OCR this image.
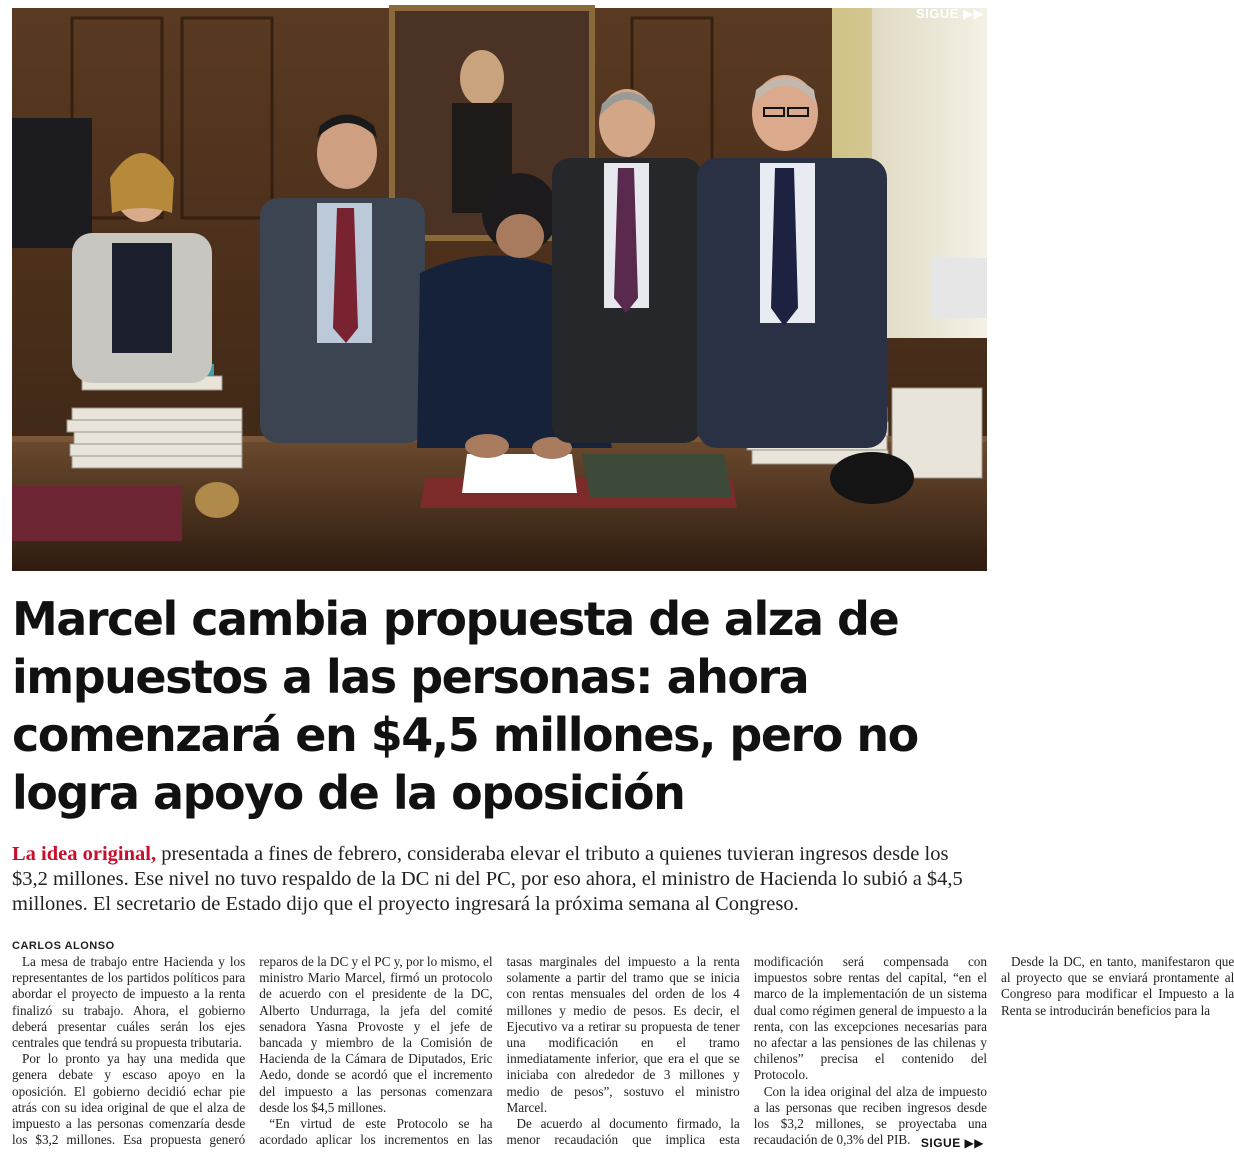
SIGUE ▶▶
Marcel cambia propuesta de alza de impuestos a las personas: ahora comenzará en $4,5 millones, pero no logra apoyo de la oposición

La idea original, presentada a fines de febrero, consideraba elevar el tributo a quienes tuvieran ingresos desde los $3,2 millones. Ese nivel no tuvo respaldo de la DC ni del PC, por eso ahora, el ministro de Hacienda lo subió a $4,5 millones. El secretario de Estado dijo que el proyecto ingresará la próxima semana al Congreso.

CARLOS ALONSO

La mesa de trabajo entre Hacienda y los representantes de los partidos políticos para abordar el proyecto de impuesto a la renta finalizó su trabajo. Ahora, el gobierno deberá presentar cuáles serán los ejes centrales que tendrá su propuesta tributaria.

Por lo pronto ya hay una medida que genera debate y escaso apoyo en la oposición. El gobierno decidió echar pie atrás con su idea original de que el alza de impuesto a las personas comenzaría desde los $3,2 millones. Esa propuesta generó reparos de la DC y el PC y, por lo mismo, el ministro Mario Marcel, firmó un protocolo de acuerdo con el presidente de la DC, Alberto Undurraga, la jefa del comité senadora Yasna Provoste y el jefe de bancada y miembro de la Comisión de Hacienda de la Cámara de Diputados, Eric Aedo, donde se acordó que el incremento del impuesto a las personas comenzara desde los $4,5 millones.

“En virtud de este Protocolo se ha acordado aplicar los incrementos en las tasas marginales del impuesto a la renta solamente a partir del tramo que se inicia con rentas mensuales del orden de los 4 millones y medio de pesos. Es decir, el Ejecutivo va a retirar su propuesta de tener una modificación en el tramo inmediatamente inferior, que era el que se iniciaba con alrededor de 3 millones y medio de pesos”, sostuvo el ministro Marcel.

De acuerdo al documento firmado, la menor recaudación que implica esta modificación será compensada con impuestos sobre rentas del capital, “en el marco de la implementación de un sistema dual como régimen general de impuesto a la renta, con las excepciones necesarias para no afectar a las pensiones de las chilenas y chilenos” precisa el contenido del Protocolo.

Con la idea original del alza de impuesto a las personas que reciben ingresos desde los $3,2 millones, se proyectaba una recaudación de 0,3% del PIB.

Desde la DC, en tanto, manifestaron que al proyecto que se enviará prontamente al Congreso para modificar el Impuesto a la Renta se introducirán beneficios para la

SIGUE ▶▶
